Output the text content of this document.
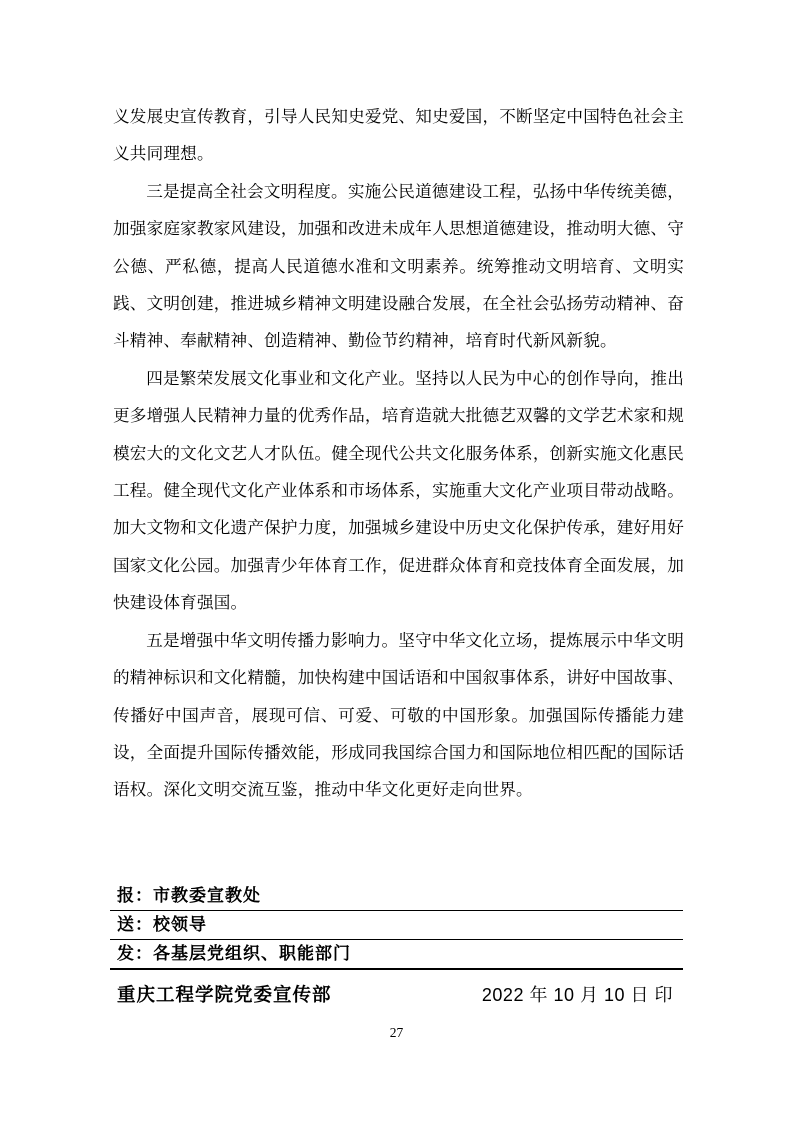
义发展史宣传教育，引导人民知史爱党、知史爱国，不断坚定中国特色社会主义共同理想。

三是提高全社会文明程度。实施公民道德建设工程，弘扬中华传统美德，加强家庭家教家风建设，加强和改进未成年人思想道德建设，推动明大德、守公德、严私德，提高人民道德水准和文明素养。统筹推动文明培育、文明实践、文明创建，推进城乡精神文明建设融合发展，在全社会弘扬劳动精神、奋斗精神、奉献精神、创造精神、勤俭节约精神，培育时代新风新貌。

四是繁荣发展文化事业和文化产业。坚持以人民为中心的创作导向，推出更多增强人民精神力量的优秀作品，培育造就大批德艺双馨的文学艺术家和规模宏大的文化文艺人才队伍。健全现代公共文化服务体系，创新实施文化惠民工程。健全现代文化产业体系和市场体系，实施重大文化产业项目带动战略。加大文物和文化遗产保护力度，加强城乡建设中历史文化保护传承，建好用好国家文化公园。加强青少年体育工作，促进群众体育和竞技体育全面发展，加快建设体育强国。

五是增强中华文明传播力影响力。坚守中华文化立场，提炼展示中华文明的精神标识和文化精髓，加快构建中国话语和中国叙事体系，讲好中国故事、传播好中国声音，展现可信、可爱、可敬的中国形象。加强国际传播能力建设，全面提升国际传播效能，形成同我国综合国力和国际地位相匹配的国际话语权。深化文明交流互鉴，推动中华文化更好走向世界。

报：市教委宣教处
送：校领导
发：各基层党组织、职能部门
重庆工程学院党委宣传部	2022 年 10 月 10 日 印
27
